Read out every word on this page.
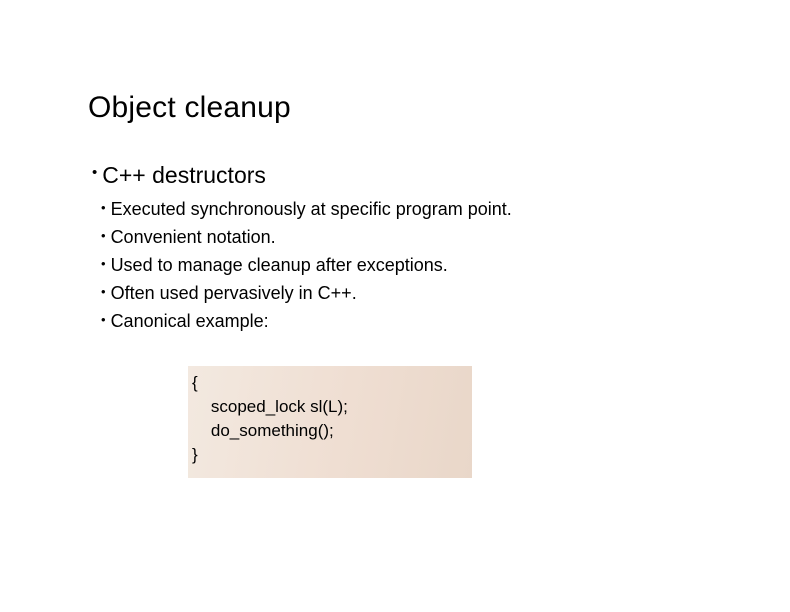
Object cleanup
• C++ destructors
• Executed synchronously at specific program point.
• Convenient notation.
• Used to manage cleanup after exceptions.
• Often used pervasively in C++.
• Canonical example:
{
scoped_lock sl(L);
do_something();
}
